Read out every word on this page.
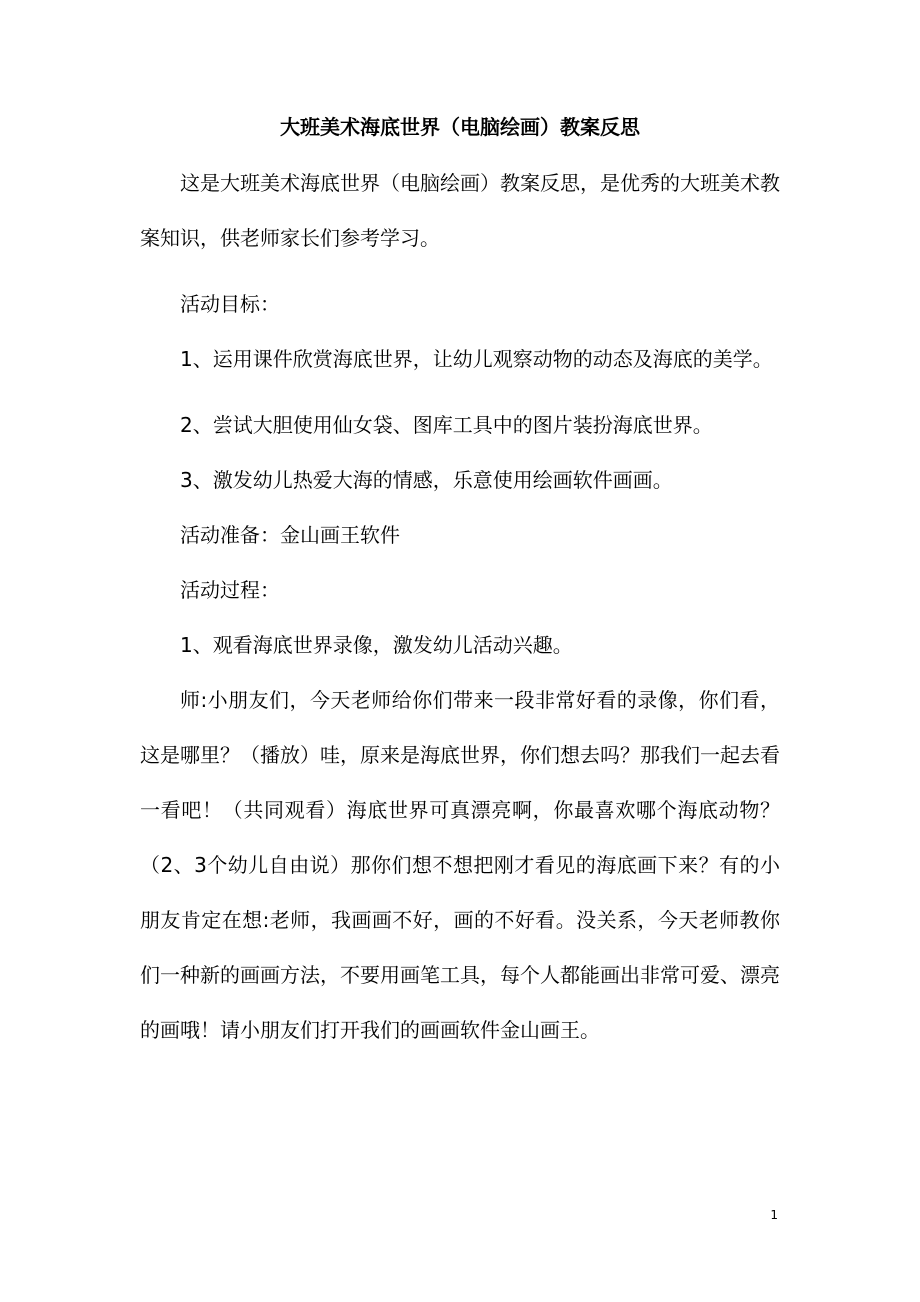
大班美术海底世界（电脑绘画）教案反思

这是大班美术海底世界（电脑绘画）教案反思，是优秀的大班美术教案知识，供老师家长们参考学习。

活动目标：

1、运用课件欣赏海底世界，让幼儿观察动物的动态及海底的美学。

2、尝试大胆使用仙女袋、图库工具中的图片装扮海底世界。

3、激发幼儿热爱大海的情感，乐意使用绘画软件画画。

活动准备：金山画王软件

活动过程：

1、观看海底世界录像，激发幼儿活动兴趣。

师:小朋友们，今天老师给你们带来一段非常好看的录像，你们看，这是哪里？（播放）哇，原来是海底世界，你们想去吗？那我们一起去看一看吧！（共同观看）海底世界可真漂亮啊，你最喜欢哪个海底动物？（2、3个幼儿自由说）那你们想不想把刚才看见的海底画下来？有的小朋友肯定在想:老师，我画画不好，画的不好看。没关系，今天老师教你们一种新的画画方法，不要用画笔工具，每个人都能画出非常可爱、漂亮的画哦！请小朋友们打开我们的画画软件金山画王。

1
